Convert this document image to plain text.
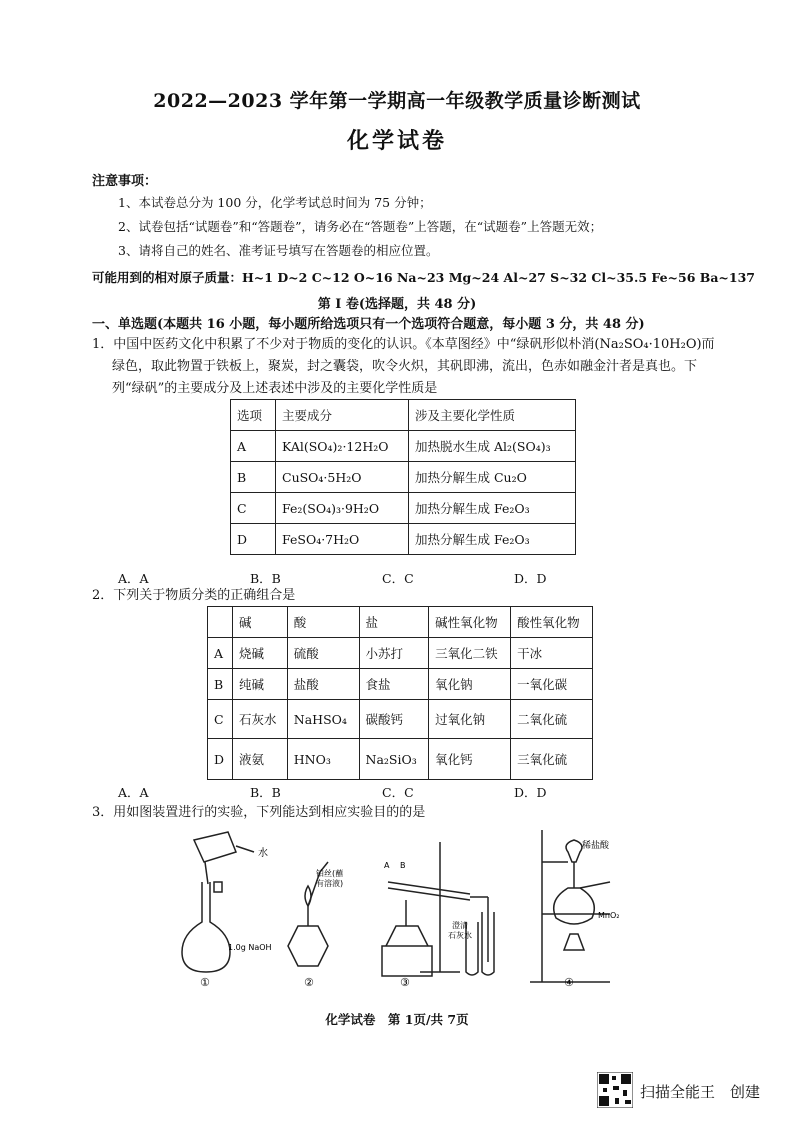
2022—2023 学年第一学期高一年级教学质量诊断测试
化学试卷
注意事项：
1、本试卷总分为 100 分，化学考试总时间为 75 分钟；
2、试卷包括“试题卷”和“答题卷”，请务必在“答题卷”上答题，在“试题卷”上答题无效；
3、请将自己的姓名、准考证号填写在答题卷的相应位置。
可能用到的相对原子质量：H~1 D~2 C~12 O~16 Na~23 Mg~24 Al~27 S~32 Cl~35.5 Fe~56 Ba~137
第 I 卷(选择题，共 48 分)
一、单选题(本题共 16 小题，每小题所给选项只有一个选项符合题意，每小题 3 分，共 48 分)
1．中国中医药文化中积累了不少对于物质的变化的认识。《本草图经》中“绿矾形似朴消(Na₂SO₄·10H₂O)而
绿色，取此物置于铁板上，聚炭，封之囊袋，吹令火炽，其矾即沸，流出，色赤如融金汁者是真也。下
列“绿矾”的主要成分及上述表述中涉及的主要化学性质是
选项	主要成分	涉及主要化学性质
A	KAl(SO₄)₂·12H₂O	加热脱水生成 Al₂(SO₄)₃
B	CuSO₄·5H₂O	加热分解生成 Cu₂O
C	Fe₂(SO₄)₃·9H₂O	加热分解生成 Fe₂O₃
D	FeSO₄·7H₂O	加热分解生成 Fe₂O₃
A．A	B．B	C．C	D．D
2．下列关于物质分类的正确组合是
	碱	酸	盐	碱性氧化物	酸性氧化物
A	烧碱	硫酸	小苏打	三氧化二铁	干冰
B	纯碱	盐酸	食盐	氧化钠	一氧化碳
C	石灰水	NaHSO₄	碳酸钙	过氧化钠	二氧化硫
D	液氨	HNO₃	Na₂SiO₃	氧化钙	三氧化硫
A．A	B．B	C．C	D．D
3．用如图装置进行的实验，下列能达到相应实验目的的是
水
1.0g NaOH
铂丝(蘸
有溶液)
A B
澄清
石灰水
稀盐酸
MnO₂
①	②	③	④
化学试卷　第 1页/共 7页
扫描全能王　创建
